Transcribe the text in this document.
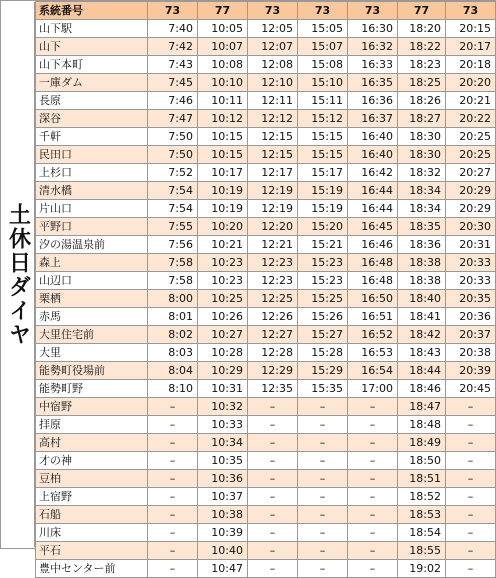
土休日ダイヤ
系統番号	73	77	73	73	73	77	73
山下駅	7:40	10:05	12:05	15:05	16:30	18:20	20:15
山下	7:42	10:07	12:07	15:07	16:32	18:22	20:17
山下本町	7:43	10:08	12:08	15:08	16:33	18:23	20:18
一庫ダム	7:45	10:10	12:10	15:10	16:35	18:25	20:20
長原	7:46	10:11	12:11	15:11	16:36	18:26	20:21
深谷	7:47	10:12	12:12	15:12	16:37	18:27	20:22
千軒	7:50	10:15	12:15	15:15	16:40	18:30	20:25
民田口	7:50	10:15	12:15	15:15	16:40	18:30	20:25
上杉口	7:52	10:17	12:17	15:17	16:42	18:32	20:27
清水橋	7:54	10:19	12:19	15:19	16:44	18:34	20:29
片山口	7:54	10:19	12:19	15:19	16:44	18:34	20:29
平野口	7:55	10:20	12:20	15:20	16:45	18:35	20:30
汐の湯温泉前	7:56	10:21	12:21	15:21	16:46	18:36	20:31
森上	7:58	10:23	12:23	15:23	16:48	18:38	20:33
山辺口	7:58	10:23	12:23	15:23	16:48	18:38	20:33
栗栖	8:00	10:25	12:25	15:25	16:50	18:40	20:35
赤馬	8:01	10:26	12:26	15:26	16:51	18:41	20:36
大里住宅前	8:02	10:27	12:27	15:27	16:52	18:42	20:37
大里	8:03	10:28	12:28	15:28	16:53	18:43	20:38
能勢町役場前	8:04	10:29	12:29	15:29	16:54	18:44	20:39
能勢町野	8:10	10:31	12:35	15:35	17:00	18:46	20:45
中宿野	–	10:32	–	–	–	18:47	–
拝原	–	10:33	–	–	–	18:48	–
高村	–	10:34	–	–	–	18:49	–
才の神	–	10:35	–	–	–	18:50	–
豆柏	–	10:36	–	–	–	18:51	–
上宿野	–	10:37	–	–	–	18:52	–
石船	–	10:38	–	–	–	18:53	–
川床	–	10:39	–	–	–	18:54	–
平石	–	10:40	–	–	–	18:55	–
豊中センター前	–	10:47	–	–	–	19:02	–
